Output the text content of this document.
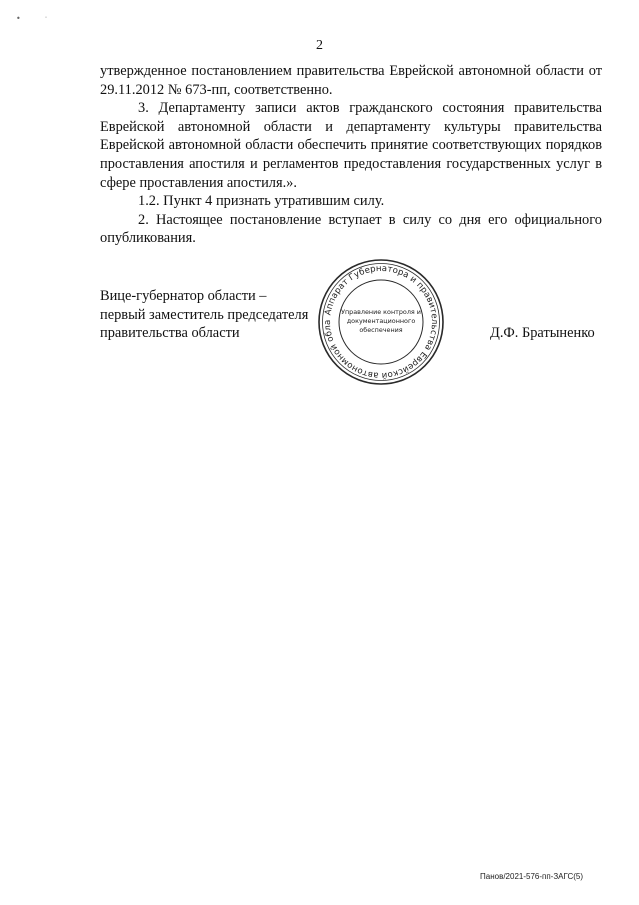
•	˙
2

утвержденное постановлением правительства Еврейской автономной области от 29.11.2012 № 673-пп, соответственно.

3. Департаменту записи актов гражданского состояния правительства Еврейской автономной области и департаменту культуры правительства Еврейской автономной области обеспечить принятие соответствующих порядков проставления апостиля и регламентов предоставления государственных услуг в сфере проставления апостиля.».

1.2. Пункт 4 признать утратившим силу.

2. Настоящее постановление вступает в силу со дня его официального опубликования.

Вице-губернатор области –
первый заместитель председателя
правительства области
Аппарат Губернатора и правительства Еврейской автономной обла
Управление контроля и
документационного
обеспечения	Д.Ф. Братыненко
Панов/2021-576-пп-ЗАГС(5)
